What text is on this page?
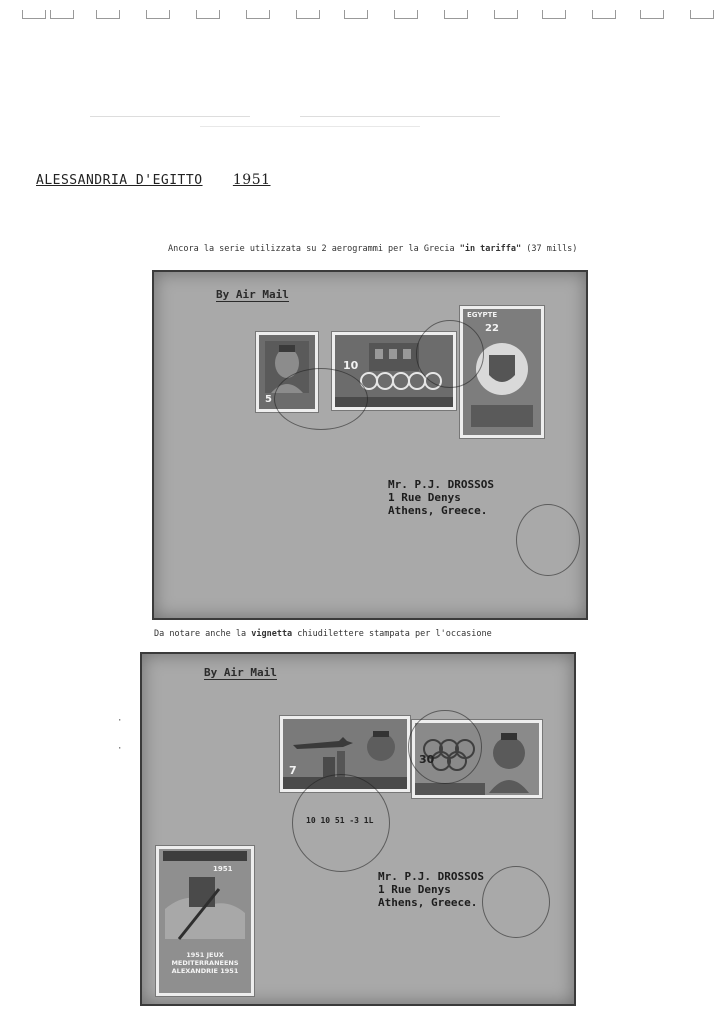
ALESSANDRIA D'EGITTO 1951
Ancora la serie utilizzata su 2 aerogrammi per la Grecia "in tariffa" (37 mills)
By Air Mail
5
10
EGYPTE
22
Mr. P.J. DROSSOS
1 Rue Denys
Athens, Greece.
Da notare anche la vignetta chiudilettere stampata per l'occasione
·
·
By Air Mail
7
30
10 10 51 -3 1L
1951
1951 JEUX
MEDITERRANEENS
ALEXANDRIE 1951
Mr. P.J. DROSSOS
1 Rue Denys
Athens, Greece.
